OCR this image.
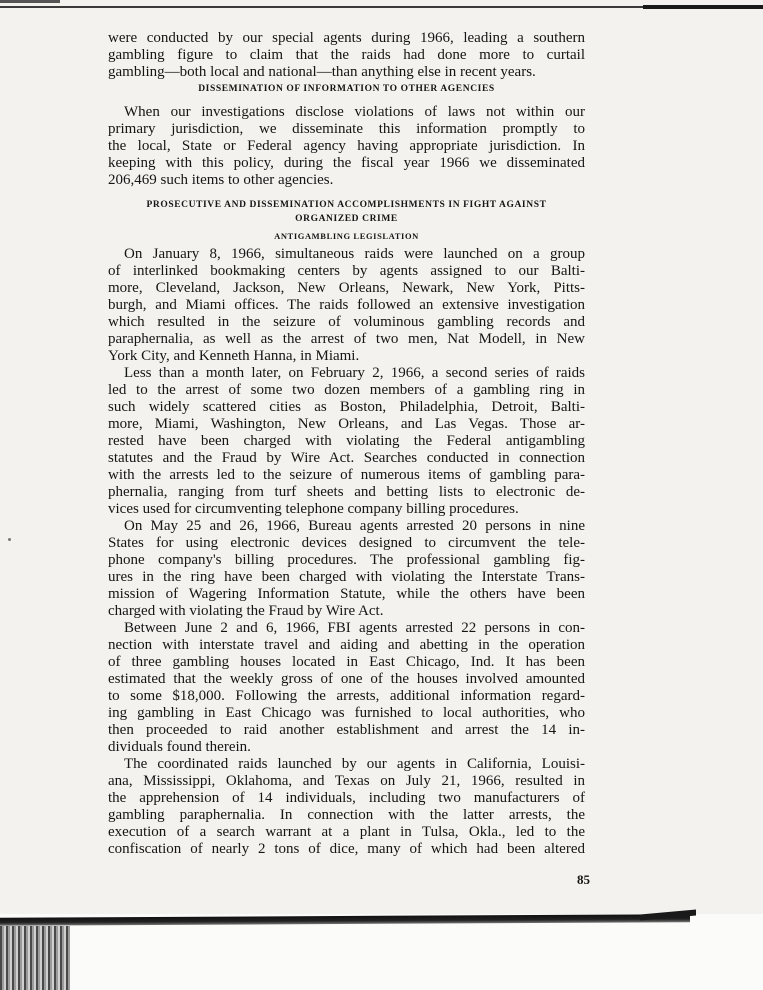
were conducted by our special agents during 1966, leading a southern
gambling figure to claim that the raids had done more to curtail
gambling—both local and national—than anything else in recent years.
DISSEMINATION OF INFORMATION TO OTHER AGENCIES
When our investigations disclose violations of laws not within our
primary jurisdiction, we disseminate this information promptly to
the local, State or Federal agency having appropriate jurisdiction. In
keeping with this policy, during the fiscal year 1966 we disseminated
206,469 such items to other agencies.
PROSECUTIVE AND DISSEMINATION ACCOMPLISHMENTS IN FIGHT AGAINST
ORGANIZED CRIME
ANTIGAMBLING LEGISLATION
On January 8, 1966, simultaneous raids were launched on a group
of interlinked bookmaking centers by agents assigned to our Balti-
more, Cleveland, Jackson, New Orleans, Newark, New York, Pitts-
burgh, and Miami offices. The raids followed an extensive investigation
which resulted in the seizure of voluminous gambling records and
paraphernalia, as well as the arrest of two men, Nat Modell, in New
York City, and Kenneth Hanna, in Miami.
Less than a month later, on February 2, 1966, a second series of raids
led to the arrest of some two dozen members of a gambling ring in
such widely scattered cities as Boston, Philadelphia, Detroit, Balti-
more, Miami, Washington, New Orleans, and Las Vegas. Those ar-
rested have been charged with violating the Federal antigambling
statutes and the Fraud by Wire Act. Searches conducted in connection
with the arrests led to the seizure of numerous items of gambling para-
phernalia, ranging from turf sheets and betting lists to electronic de-
vices used for circumventing telephone company billing procedures.
On May 25 and 26, 1966, Bureau agents arrested 20 persons in nine
States for using electronic devices designed to circumvent the tele-
phone company's billing procedures. The professional gambling fig-
ures in the ring have been charged with violating the Interstate Trans-
mission of Wagering Information Statute, while the others have been
charged with violating the Fraud by Wire Act.
Between June 2 and 6, 1966, FBI agents arrested 22 persons in con-
nection with interstate travel and aiding and abetting in the operation
of three gambling houses located in East Chicago, Ind. It has been
estimated that the weekly gross of one of the houses involved amounted
to some $18,000. Following the arrests, additional information regard-
ing gambling in East Chicago was furnished to local authorities, who
then proceeded to raid another establishment and arrest the 14 in-
dividuals found therein.
The coordinated raids launched by our agents in California, Louisi-
ana, Mississippi, Oklahoma, and Texas on July 21, 1966, resulted in
the apprehension of 14 individuals, including two manufacturers of
gambling paraphernalia. In connection with the latter arrests, the
execution of a search warrant at a plant in Tulsa, Okla., led to the
confiscation of nearly 2 tons of dice, many of which had been altered
85
